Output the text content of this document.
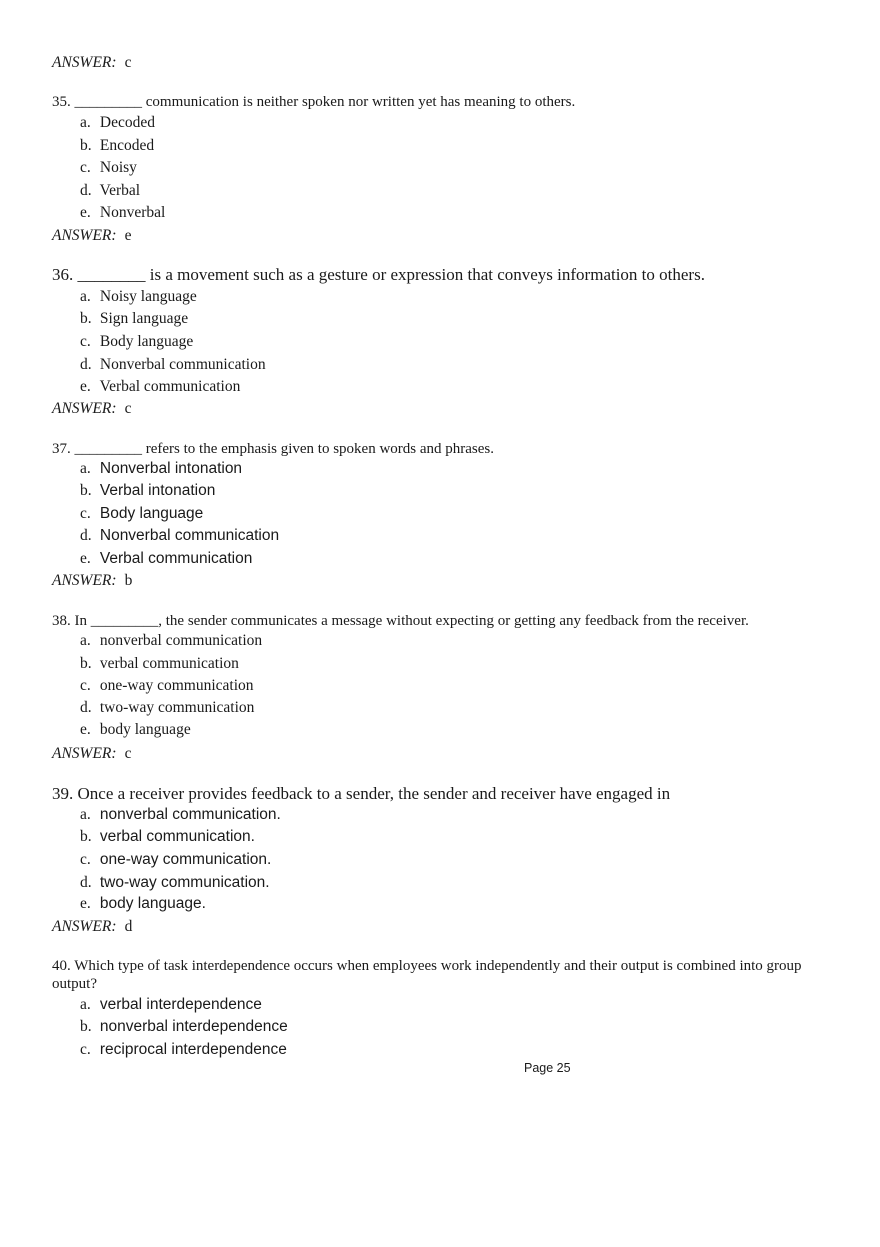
ANSWER: c
35. _________ communication is neither spoken nor written yet has meaning to others.
a. Decoded
b. Encoded
c. Noisy
d. Verbal
e. Nonverbal
ANSWER: e
36. ________ is a movement such as a gesture or expression that conveys information to others.
a. Noisy language
b. Sign language
c. Body language
d. Nonverbal communication
e. Verbal communication
ANSWER: c
37. _________ refers to the emphasis given to spoken words and phrases.
a. Nonverbal intonation
b. Verbal intonation
c. Body language
d. Nonverbal communication
e. Verbal communication
ANSWER: b
38. In _________, the sender communicates a message without expecting or getting any feedback from the receiver.
a. nonverbal communication
b. verbal communication
c. one-way communication
d. two-way communication
e. body language
ANSWER: c
39. Once a receiver provides feedback to a sender, the sender and receiver have engaged in
a. nonverbal communication.
b. verbal communication.
c. one-way communication.
d. two-way communication.
e. body language.
ANSWER: d
40. Which type of task interdependence occurs when employees work independently and their output is combined into group output?
a. verbal interdependence
b. nonverbal interdependence
c. reciprocal interdependence
Page 25
